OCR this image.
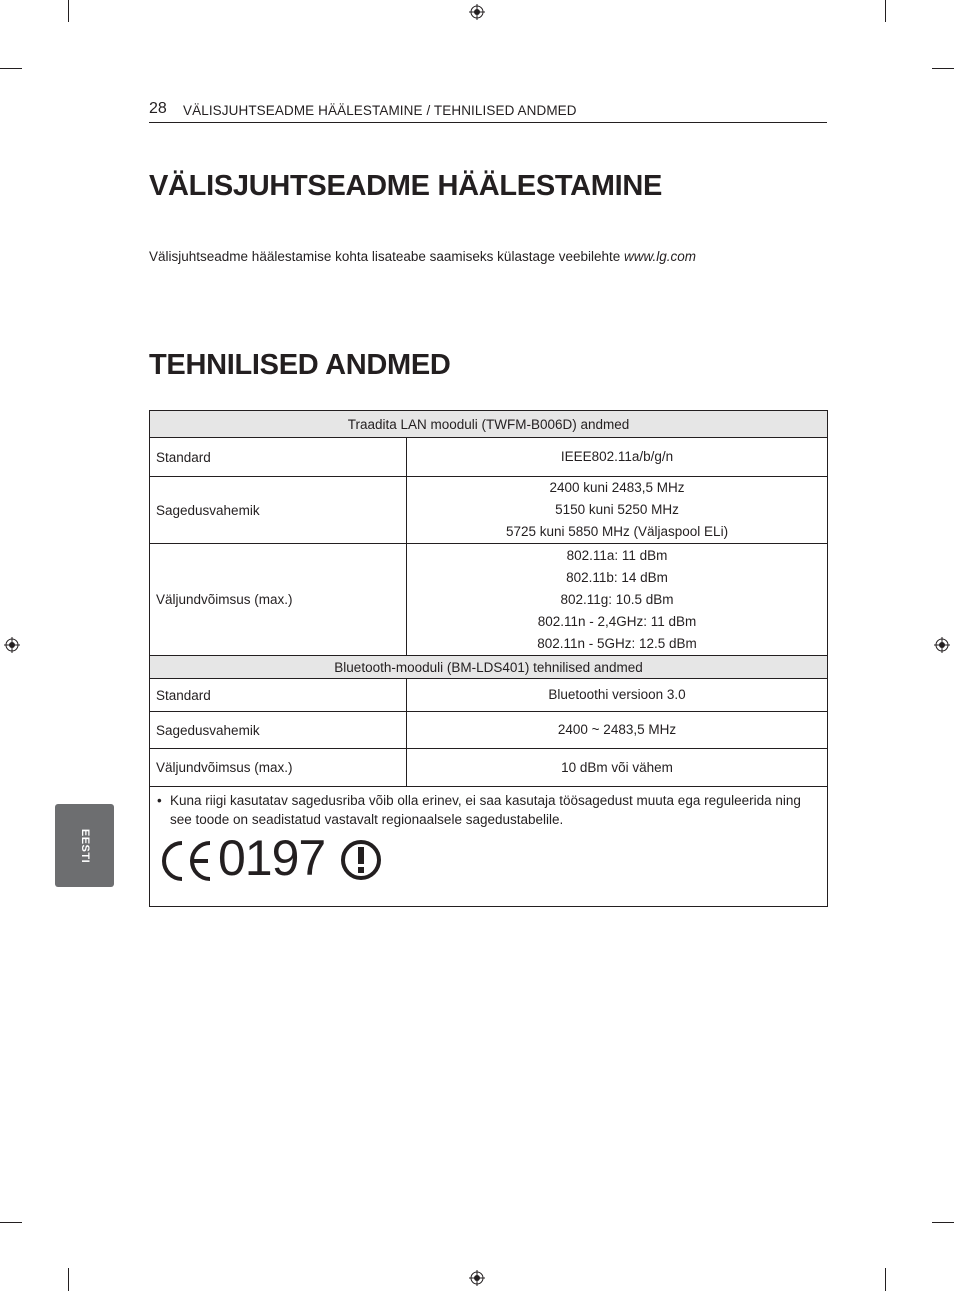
28 VÄLISJUHTSEADME HÄÄLESTAMINE / TEHNILISED ANDMED
VÄLISJUHTSEADME HÄÄLESTAMINE
Välisjuhtseadme häälestamise kohta lisateabe saamiseks külastage veebilehte www.lg.com
TEHNILISED ANDMED
Traadita LAN mooduli (TWFM-B006D) andmed	
Standard	IEEE802.11a/b/g/n

Sagedusvahemik	2400 kuni 2483,5 MHz
5150 kuni 5250 MHz
5725 kuni 5850 MHz (Väljaspool ELi)

Väljundvõimsus (max.)	802.11a: 11 dBm
802.11b: 14 dBm
802.11g: 10.5 dBm
802.11n - 2,4GHz: 11 dBm
802.11n - 5GHz: 12.5 dBm

Bluetooth-mooduli (BM-LDS401) tehnilised andmed	
Standard	Bluetoothi versioon 3.0
Sagedusvahemik	2400 ~ 2483,5 MHz
Väljundvõimsus (max.)	10 dBm või vähem

• Kuna riigi kasutatav sagedusriba võib olla erinev, ei saa kasutaja töösagedust muuta ega reguleerida ning see toode on seadistatud vastavalt regionaalsele sagedustabelile.
0197	
EESTI
